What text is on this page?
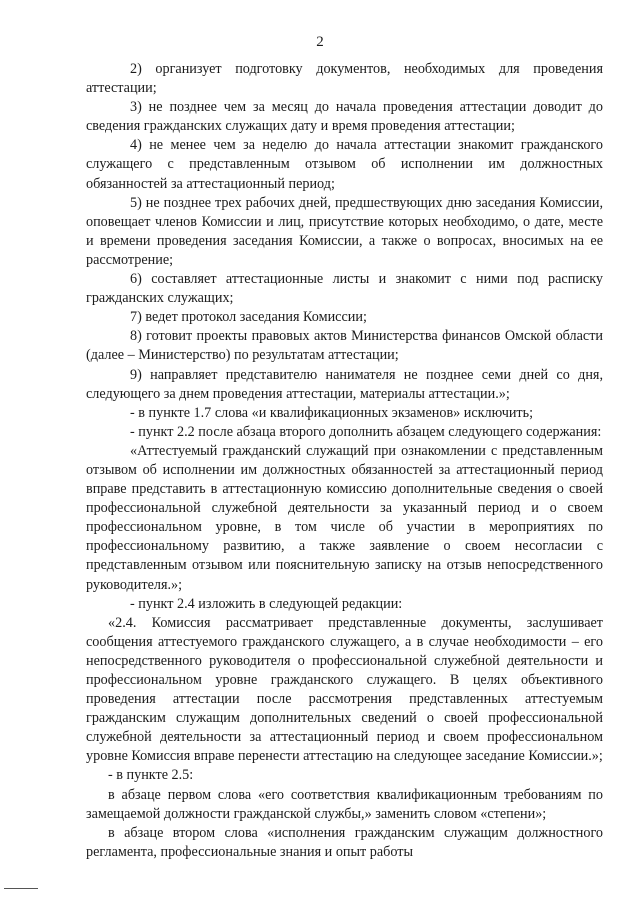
2

2) организует подготовку документов, необходимых для проведения аттестации;

3) не позднее чем за месяц до начала проведения аттестации доводит до сведения гражданских служащих дату и время проведения аттестации;

4) не менее чем за неделю до начала аттестации знакомит гражданского служащего с представленным отзывом об исполнении им должностных обязанностей за аттестационный период;

5) не позднее трех рабочих дней, предшествующих дню заседания Комиссии, оповещает членов Комиссии и лиц, присутствие которых необходимо, о дате, месте и времени проведения заседания Комиссии, а также о вопросах, вносимых на ее рассмотрение;

6) составляет аттестационные листы и знакомит с ними под расписку гражданских служащих;

7) ведет протокол заседания Комиссии;

8) готовит проекты правовых актов Министерства финансов Омской области (далее – Министерство) по результатам аттестации;

9) направляет представителю нанимателя не позднее семи дней со дня, следующего за днем проведения аттестации, материалы аттестации.»;

- в пункте 1.7 слова «и квалификационных экзаменов» исключить;

- пункт 2.2 после абзаца второго дополнить абзацем следующего содержания:

«Аттестуемый гражданский служащий при ознакомлении с представленным отзывом об исполнении им должностных обязанностей за аттестационный период вправе представить в аттестационную комиссию дополнительные сведения о своей профессиональной служебной деятельности за указанный период и о своем профессиональном уровне, в том числе об участии в мероприятиях по профессиональному развитию, а также заявление о своем несогласии с представленным отзывом или пояснительную записку на отзыв непосредственного руководителя.»;

- пункт 2.4 изложить в следующей редакции:

«2.4. Комиссия рассматривает представленные документы, заслушивает сообщения аттестуемого гражданского служащего, а в случае необходимости – его непосредственного руководителя о профессиональной служебной деятельности и профессиональном уровне гражданского служащего. В целях объективного проведения аттестации после рассмотрения представленных аттестуемым гражданским служащим дополнительных сведений о своей профессиональной служебной деятельности за аттестационный период и своем профессиональном уровне Комиссия вправе перенести аттестацию на следующее заседание Комиссии.»;

- в пункте 2.5:

в абзаце первом слова «его соответствия квалификационным требованиям по замещаемой должности гражданской службы,» заменить словом «степени»;

в абзаце втором слова «исполнения гражданским служащим должностного регламента, профессиональные знания и опыт работы
